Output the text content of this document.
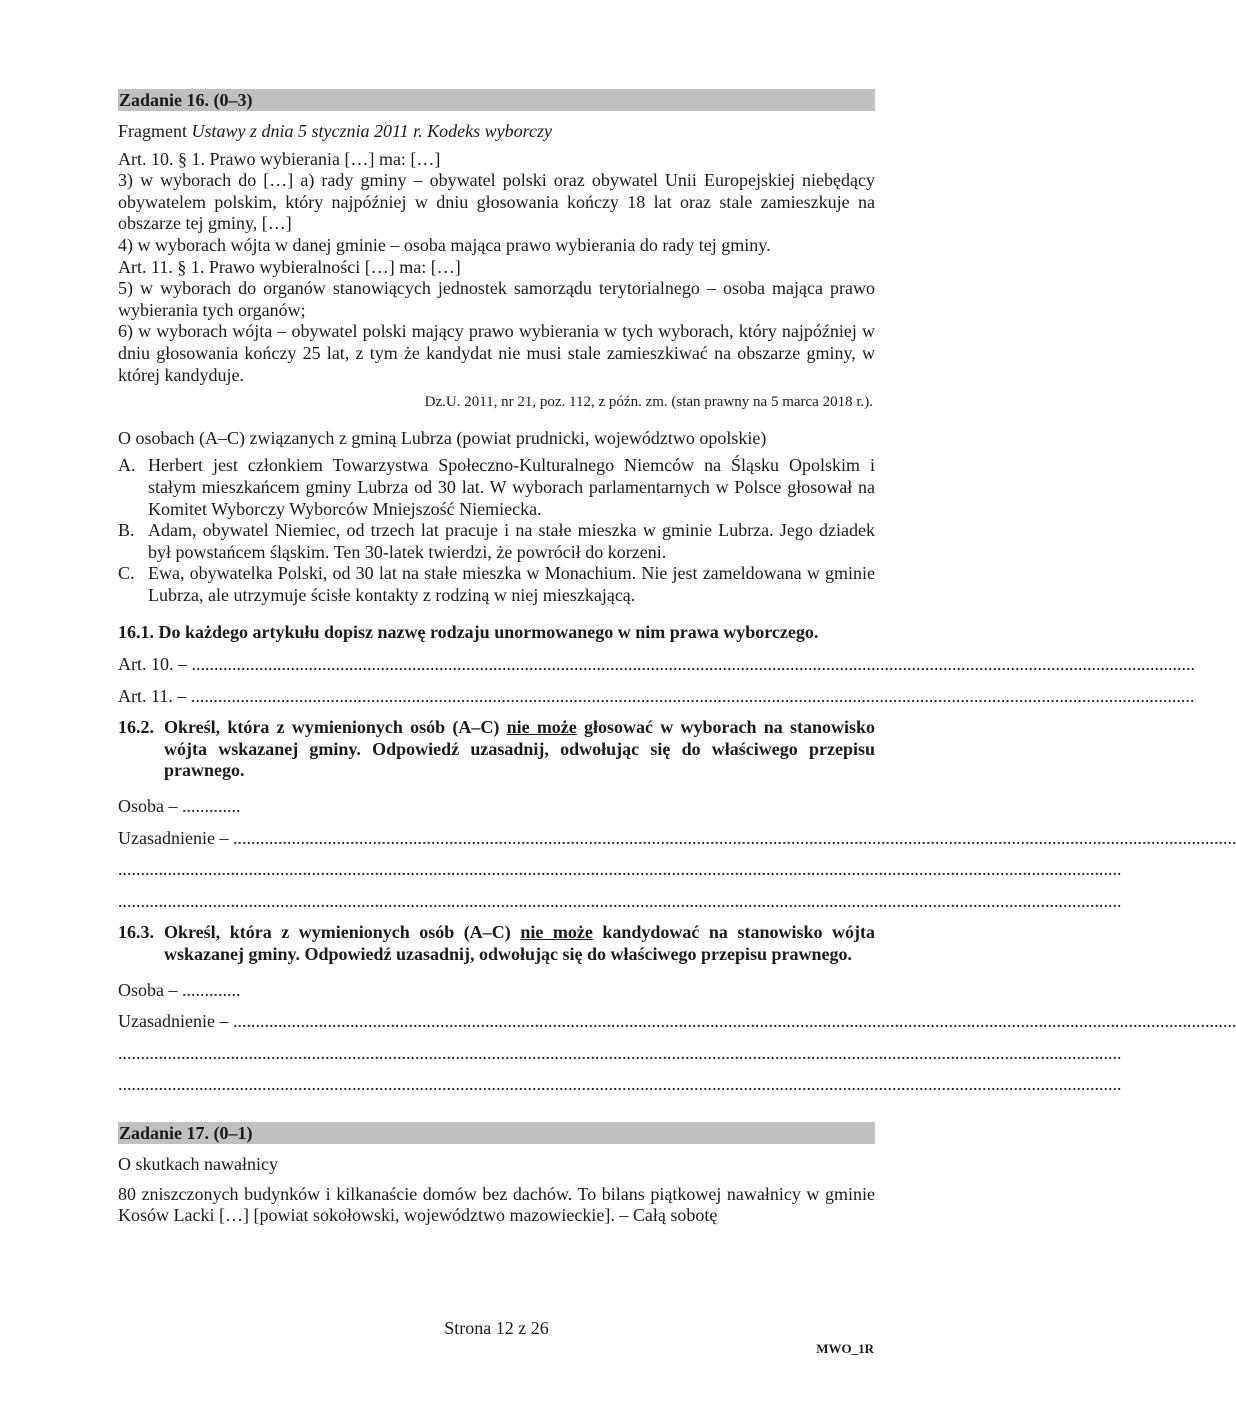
Zadanie 16. (0–3)

Fragment Ustawy z dnia 5 stycznia 2011 r. Kodeks wyborczy

Art. 10. § 1. Prawo wybierania […] ma: […]

3) w wyborach do […] a) rady gminy – obywatel polski oraz obywatel Unii Europejskiej niebędący obywatelem polskim, który najpóźniej w dniu głosowania kończy 18 lat oraz stale zamieszkuje na obszarze tej gminy, […]

4) w wyborach wójta w danej gminie – osoba mająca prawo wybierania do rady tej gminy.

Art. 11. § 1. Prawo wybieralności […] ma: […]

5) w wyborach do organów stanowiących jednostek samorządu terytorialnego – osoba mająca prawo wybierania tych organów;

6) w wyborach wójta – obywatel polski mający prawo wybierania w tych wyborach, który najpóźniej w dniu głosowania kończy 25 lat, z tym że kandydat nie musi stale zamieszkiwać na obszarze gminy, w której kandyduje.

Dz.U. 2011, nr 21, poz. 112, z późn. zm. (stan prawny na 5 marca 2018 r.).

O osobach (A–C) związanych z gminą Lubrza (powiat prudnicki, województwo opolskie)

A. Herbert jest członkiem Towarzystwa Społeczno-Kulturalnego Niemców na Śląsku Opolskim i stałym mieszkańcem gminy Lubrza od 30 lat. W wyborach parlamentarnych w Polsce głosował na Komitet Wyborczy Wyborców Mniejszość Niemiecka.
B. Adam, obywatel Niemiec, od trzech lat pracuje i na stałe mieszka w gminie Lubrza. Jego dziadek był powstańcem śląskim. Ten 30-latek twierdzi, że powrócił do korzeni.
C. Ewa, obywatelka Polski, od 30 lat na stałe mieszka w Monachium. Nie jest zameldowana w gminie Lubrza, ale utrzymuje ścisłe kontakty z rodziną w niej mieszkającą.

16.1. Do każdego artykułu dopisz nazwę rodzaju unormowanego w nim prawa wyborczego.

Art. 10. – ...............................................................................................................................................................................................................................
Art. 11. – ...............................................................................................................................................................................................................................
16.2. Określ, która z wymienionych osób (A–C) nie może głosować w wyborach na stanowisko wójta wskazanej gminy. Odpowiedź uzasadnij, odwołując się do właściwego przepisu prawnego.

Osoba – .............

Uzasadnienie – ...............................................................................................................................................................................................................................
...............................................................................................................................................................................................................................
...............................................................................................................................................................................................................................
16.3. Określ, która z wymienionych osób (A–C) nie może kandydować na stanowisko wójta wskazanej gminy. Odpowiedź uzasadnij, odwołując się do właściwego przepisu prawnego.

Osoba – .............

Uzasadnienie – ...............................................................................................................................................................................................................................
...............................................................................................................................................................................................................................
...............................................................................................................................................................................................................................
Zadanie 17. (0–1)

O skutkach nawałnicy

80 zniszczonych budynków i kilkanaście domów bez dachów. To bilans piątkowej nawałnicy w gminie Kosów Lacki […] [powiat sokołowski, województwo mazowieckie]. – Całą sobotę

Strona 12 z 26
MWO_1R
